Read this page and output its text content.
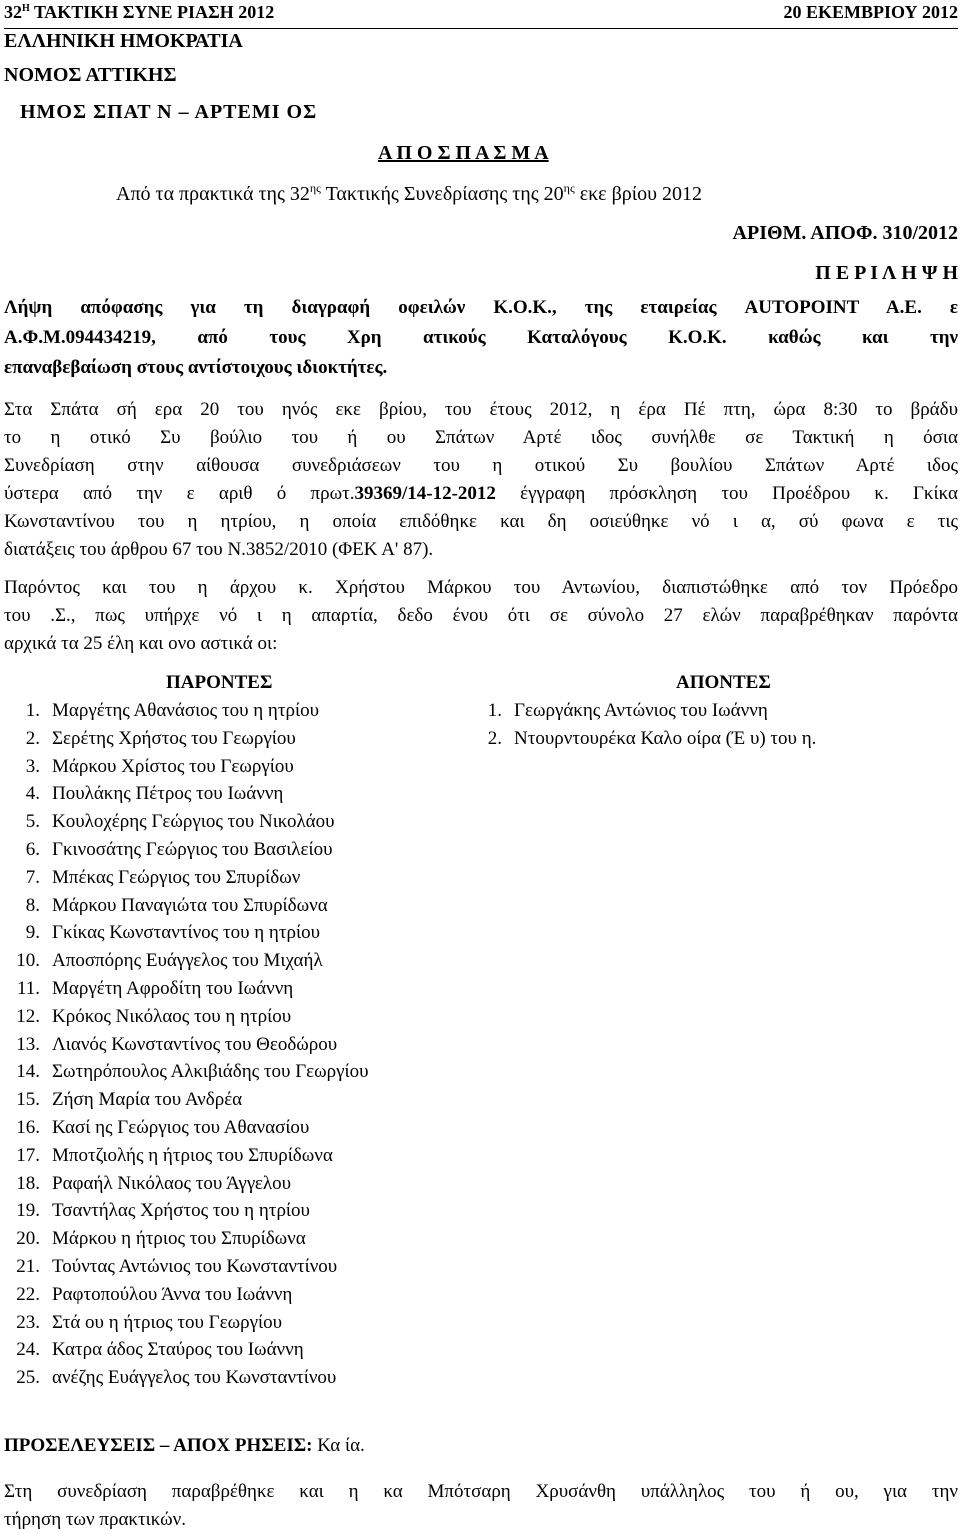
$32^H$ ΤΑΚΤΙΚΗ ΣΥΝΕ ΡΙΑΣΗ 2012	20 ΕΚΕΜΒΡΙΟΥ 2012
ΕΛΛΗΝΙΚΗ ΗΜΟΚΡΑΤΙΑ
ΝΟΜΟΣ ΑΤΤΙΚΗΣ
ΗΜΟΣ ΣΠΑΤ Ν – ΑΡΤΕΜΙ ΟΣ
Α Π Ο Σ Π Α Σ Μ Α
Από τα πρακτικά της $32^{\eta\varsigma}$ Τακτικής Συνεδρίασης της $20^{\eta\varsigma}$ εκε βρίου 2012
ΑΡΙΘΜ. ΑΠΟΦ. 310/2012
Π Ε Ρ Ι Λ Η Ψ Η
Λήψη απόφασης για τη διαγραφή οφειλών Κ.Ο.Κ., της εταιρείας AUTOPOINT A.E. ε
Α.Φ.Μ.094434219, από τους Χρη ατικούς Καταλόγους Κ.Ο.Κ. καθώς και την
επαναβεβαίωση στους αντίστοιχους ιδιοκτήτες.
Στα Σπάτα σή ερα 20 του ηνός εκε βρίου, του έτους 2012, η έρα Πέ πτη, ώρα 8:30 το βράδυ
το η οτικό Συ βούλιο του ή ου Σπάτων Αρτέ ιδος συνήλθε σε Τακτική η όσια
Συνεδρίαση στην αίθουσα συνεδριάσεων του η οτικού Συ βουλίου Σπάτων Αρτέ ιδος
ύστερα από την ε αριθ ό πρωτ.39369/14-12-2012 έγγραφη πρόσκληση του Προέδρου κ. Γκίκα
Κωνσταντίνου του η ητρίου, η οποία επιδόθηκε και δη οσιεύθηκε νό ι α, σύ φωνα ε τις
διατάξεις του άρθρου 67 του Ν.3852/2010 (ΦΕΚ Α' 87).
Παρόντος και του η άρχου κ. Χρήστου Μάρκου του Αντωνίου, διαπιστώθηκε από τον Πρόεδρο
του .Σ., πως υπήρχε νό ι η απαρτία, δεδο ένου ότι σε σύνολο 27 ελών παραβρέθηκαν παρόντα
αρχικά τα 25 έλη και ονο αστικά οι:
ΠΑΡΟΝΤΕΣ	ΑΠΟΝΤΕΣ
1. Μαργέτης Αθανάσιος του η ητρίου
2. Σερέτης Χρήστος του Γεωργίου
3. Μάρκου Χρίστος του Γεωργίου
4. Πουλάκης Πέτρος του Ιωάννη
5. Κουλοχέρης Γεώργιος του Νικολάου
6. Γκινοσάτης Γεώργιος του Βασιλείου
7. Μπέκας Γεώργιος του Σπυρίδων
8. Μάρκου Παναγιώτα του Σπυρίδωνα
9. Γκίκας Κωνσταντίνος του η ητρίου
10. Αποσπόρης Ευάγγελος του Μιχαήλ
11. Μαργέτη Αφροδίτη του Ιωάννη
12. Κρόκος Νικόλαος του η ητρίου
13. Λιανός Κωνσταντίνος του Θεοδώρου
14. Σωτηρόπουλος Αλκιβιάδης του Γεωργίου
15. Ζήση Μαρία του Ανδρέα
16. Κασί ης Γεώργιος του Αθανασίου
17. Μποτζιολής η ήτριος του Σπυρίδωνα
18. Ραφαήλ Νικόλαος του Άγγελου
19. Τσαντήλας Χρήστος του η ητρίου
20. Μάρκου η ήτριος του Σπυρίδωνα
21. Τούντας Αντώνιος του Κωνσταντίνου
22. Ραφτοπούλου Άννα του Ιωάννη
23. Στά ου η ήτριος του Γεωργίου
24. Κατρα άδος Σταύρος του Ιωάννη
25. ανέζης Ευάγγελος του Κωνσταντίνου
1. Γεωργάκης Αντώνιος του Ιωάννη
2. Ντουρντουρέκα Καλο οίρα (Έ υ) του η.
ΠΡΟΣΕΛΕΥΣΕΙΣ – ΑΠΟΧ ΡΗΣΕΙΣ: Κα ία.
Στη συνεδρίαση παραβρέθηκε και η κα Μπότσαρη Χρυσάνθη υπάλληλος του ή ου, για την
τήρηση των πρακτικών.
